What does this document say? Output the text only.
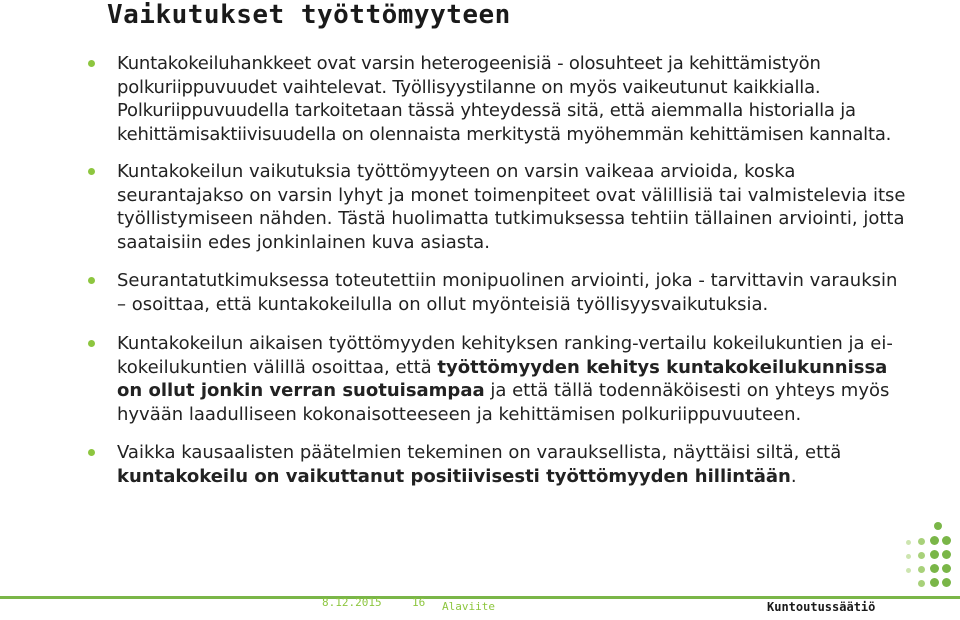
Vaikutukset työttömyyteen
Kuntakokeiluhankkeet ovat varsin heterogeenisiä - olosuhteet ja kehittämistyön polkuriippuvuudet vaihtelevat. Työllisyystilanne on myös vaikeutunut kaikkialla. Polkuriippuvuudella tarkoitetaan tässä yhteydessä sitä, että aiemmalla historialla ja kehittämisaktiivisuudella on olennaista merkitystä myöhemmän kehittämisen kannalta.
Kuntakokeilun vaikutuksia työttömyyteen on varsin vaikeaa arvioida, koska seurantajakso on varsin lyhyt ja monet toimenpiteet ovat välillisiä tai valmistelevia itse työllistymiseen nähden. Tästä huolimatta tutkimuksessa tehtiin tällainen arviointi, jotta saataisiin edes jonkinlainen kuva asiasta.
Seurantatutkimuksessa toteutettiin monipuolinen arviointi, joka - tarvittavin varauksin – osoittaa, että kuntakokeilulla on ollut myönteisiä työllisyysvaikutuksia.
Kuntakokeilun aikaisen työttömyyden kehityksen ranking-vertailu kokeilukuntien ja ei-kokeilukuntien välillä osoittaa, että työttömyyden kehitys kuntakokeilukunnissa on ollut jonkin verran suotuisampaa ja että tällä todennäköisesti on yhteys myös hyvään laadulliseen kokonaisotteeseen ja kehittämisen polkuriippuvuuteen.
Vaikka kausaalisten päätelmien tekeminen on varauksellista, näyttäisi siltä, että kuntakokeilu on vaikuttanut positiivisesti työttömyyden hillintään.
8.12.2015	16 Alaviite	Kuntoutussäätiö
